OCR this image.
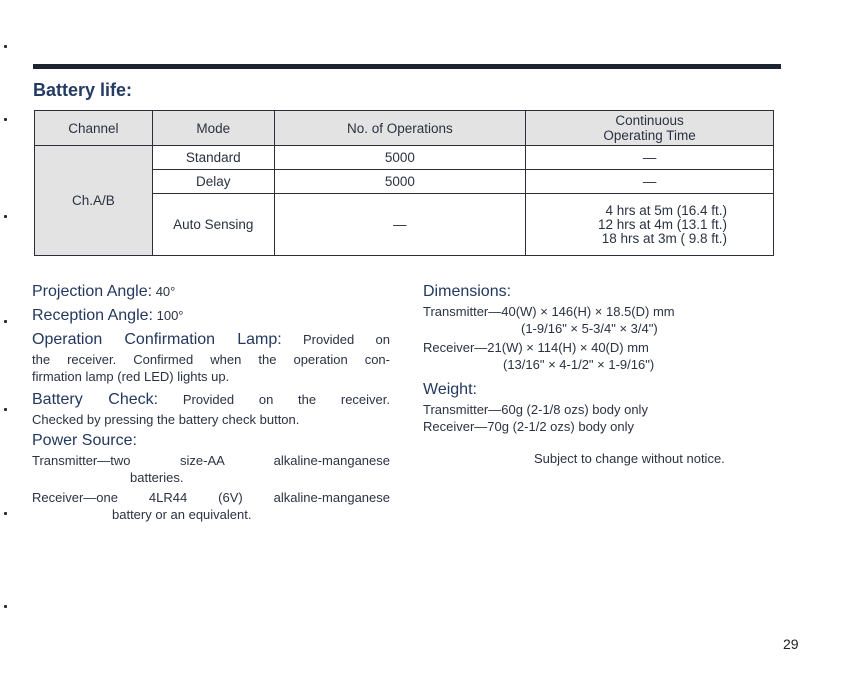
Battery life:
Channel	Mode	No. of Operations	Continuous
Operating Time

Ch.A/B	Standard	5000	—
	Delay	5000	—
	Auto Sensing	—	4 hrs at 5m (16.4 ft.)
12 hrs at 4m (13.1 ft.)
18 hrs at 3m ( 9.8 ft.)

Projection Angle: 40°

Reception Angle: 100°

Operation Confirmation Lamp: Provided on

the receiver. Confirmed when the operation con-

firmation lamp (red LED) lights up.

Battery Check: Provided on the receiver.

Checked by pressing the battery check button.

Power Source:

Transmitter—two size-AA alkaline-manganese

batteries.

Receiver—one 4LR44 (6V) alkaline-manganese

battery or an equivalent.

Dimensions:

Transmitter—40(W) × 146(H) × 18.5(D) mm

(1-9/16" × 5-3/4" × 3/4")

Receiver—21(W) × 114(H) × 40(D) mm

(13/16" × 4-1/2" × 1-9/16")

Weight:

Transmitter—60g (2-1/8 ozs) body only

Receiver—70g (2-1/2 ozs) body only

Subject to change without notice.
29
